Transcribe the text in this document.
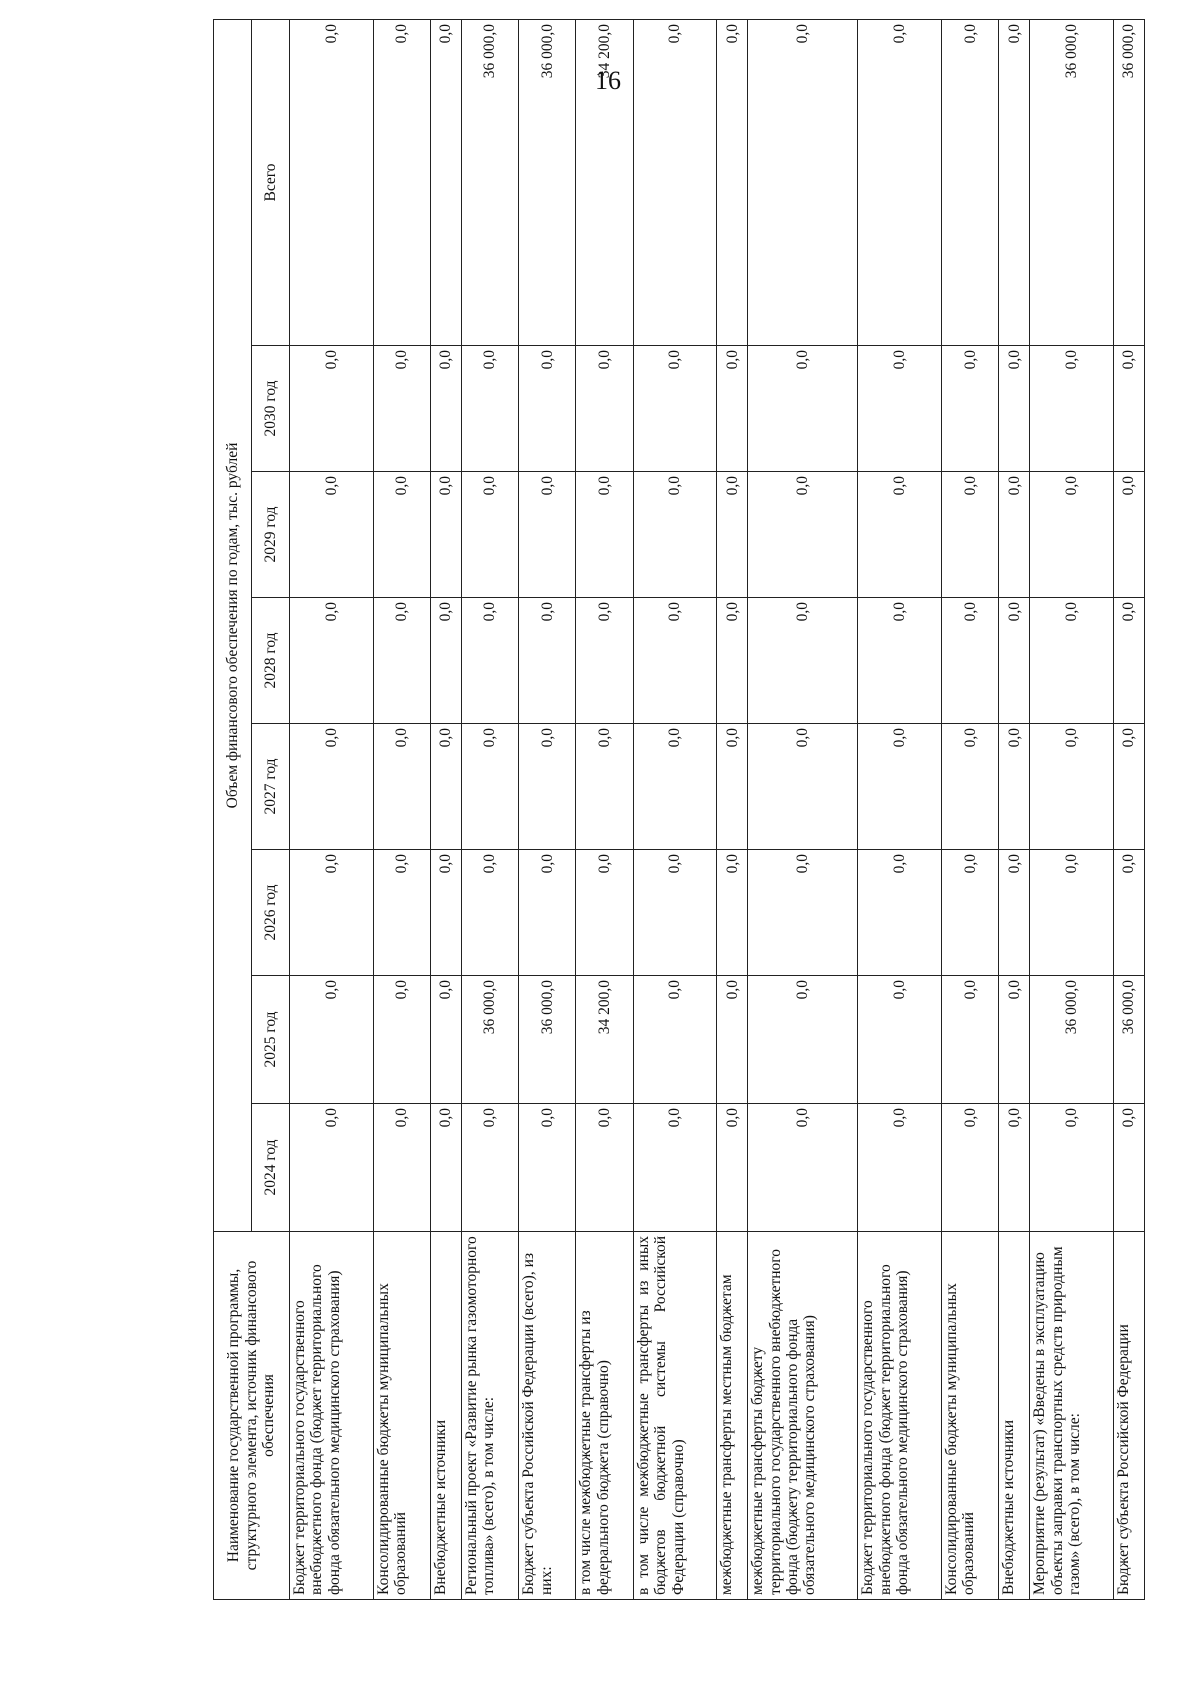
16
Наименование государственной программы, структурного элемента, источник финансового обеспечения	Объем финансового обеспечения по годам, тыс. рублей							
	2024 год	2025 год	2026 год	2027 год	2028 год	2029 год	2030 год	Всего
Бюджет территориального государственного внебюджетного фонда (бюджет территориального фонда обязательного медицинского страхования)	0,0	0,0	0,0	0,0	0,0	0,0	0,0	0,0
Консолидированные бюджеты муниципальных образований	0,0	0,0	0,0	0,0	0,0	0,0	0,0	0,0
Внебюджетные источники	0,0	0,0	0,0	0,0	0,0	0,0	0,0	0,0
Региональный проект «Развитие рынка газомоторного топлива» (всего), в том числе:	0,0	36 000,0	0,0	0,0	0,0	0,0	0,0	36 000,0
Бюджет субъекта Российской Федерации (всего), из них:	0,0	36 000,0	0,0	0,0	0,0	0,0	0,0	36 000,0
в том числе межбюджетные трансферты из федерального бюджета (справочно)	0,0	34 200,0	0,0	0,0	0,0	0,0	0,0	34 200,0
в том числе межбюджетные трансферты из иных бюджетов бюджетной системы Российской Федерации (справочно)	0,0	0,0	0,0	0,0	0,0	0,0	0,0	0,0
межбюджетные трансферты местным бюджетам	0,0	0,0	0,0	0,0	0,0	0,0	0,0	0,0
межбюджетные трансферты бюджету территориального государственного внебюджетного фонда (бюджету территориального фонда обязательного медицинского страхования)	0,0	0,0	0,0	0,0	0,0	0,0	0,0	0,0
Бюджет территориального государственного внебюджетного фонда (бюджет территориального фонда обязательного медицинского страхования)	0,0	0,0	0,0	0,0	0,0	0,0	0,0	0,0
Консолидированные бюджеты муниципальных образований	0,0	0,0	0,0	0,0	0,0	0,0	0,0	0,0
Внебюджетные источники	0,0	0,0	0,0	0,0	0,0	0,0	0,0	0,0
Мероприятие (результат) «Введены в эксплуатацию объекты заправки транспортных средств природным газом» (всего), в том числе:	0,0	36 000,0	0,0	0,0	0,0	0,0	0,0	36 000,0
Бюджет субъекта Российской Федерации	0,0	36 000,0	0,0	0,0	0,0	0,0	0,0	36 000,0
